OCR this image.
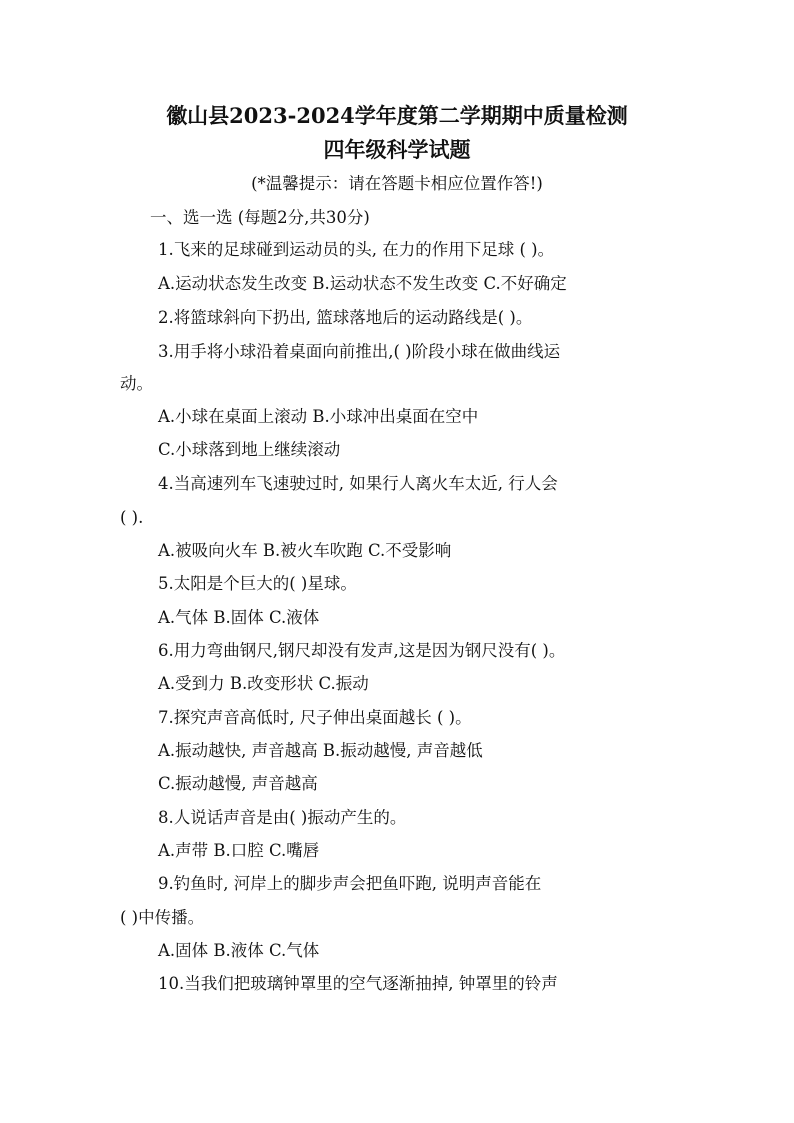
徽山县2023-2024学年度第二学期期中质量检测
四年级科学试题
(*温馨提示：请在答题卡相应位置作答!)
一、选一选 (每题2分,共30分)
1.飞来的足球碰到运动员的头, 在力的作用下足球 ( )。
A.运动状态发生改变 B.运动状态不发生改变 C.不好确定
2.将篮球斜向下扔出, 篮球落地后的运动路线是( )。
3.用手将小球沿着桌面向前推出,( )阶段小球在做曲线运
动。
A.小球在桌面上滚动 B.小球冲出桌面在空中
C.小球落到地上继续滚动
4.当高速列车飞速驶过时, 如果行人离火车太近, 行人会
( ).
A.被吸向火车 B.被火车吹跑 C.不受影响
5.太阳是个巨大的( )星球。
A.气体 B.固体 C.液体
6.用力弯曲钢尺,钢尺却没有发声,这是因为钢尺没有( )。
A.受到力 B.改变形状 C.振动
7.探究声音高低时, 尺子伸出桌面越长 ( )。
A.振动越快, 声音越高 B.振动越慢, 声音越低
C.振动越慢, 声音越高
8.人说话声音是由( )振动产生的。
A.声带 B.口腔 C.嘴唇
9.钓鱼时, 河岸上的脚步声会把鱼吓跑, 说明声音能在
( )中传播。
A.固体 B.液体 C.气体
10.当我们把玻璃钟罩里的空气逐渐抽掉, 钟罩里的铃声
